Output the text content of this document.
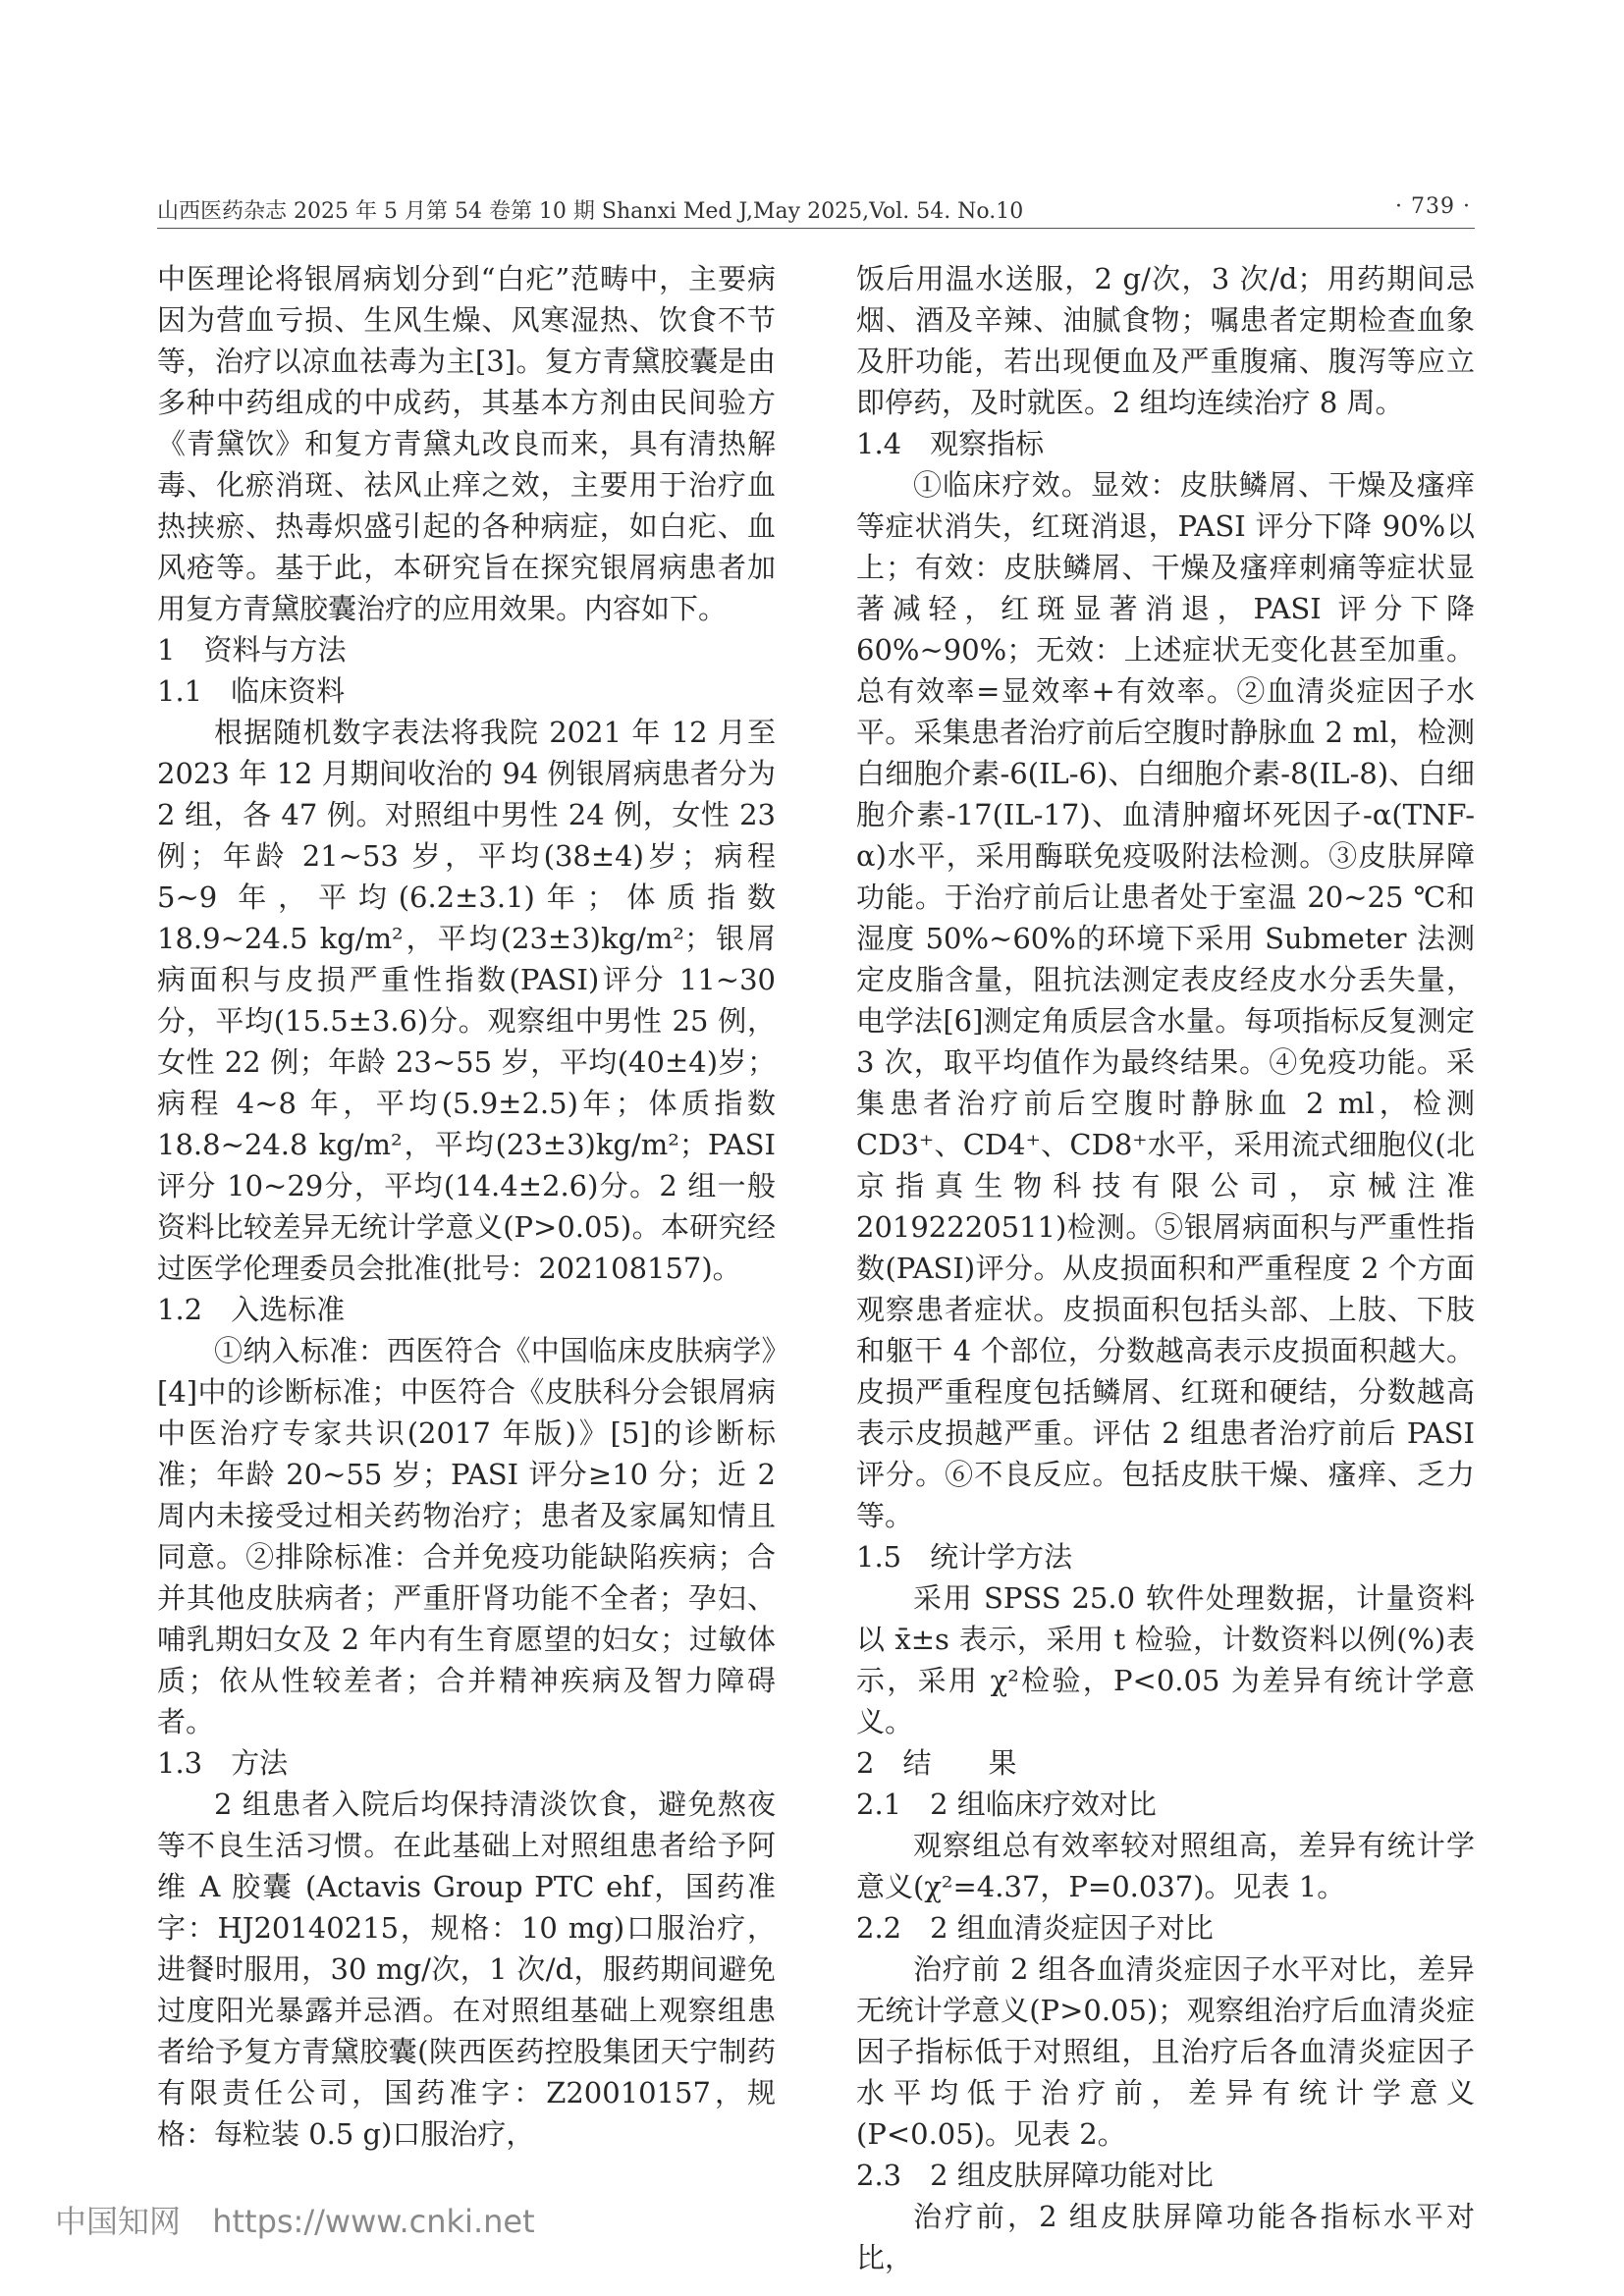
山西医药杂志 2025 年 5 月第 54 卷第 10 期 Shanxi Med J,May 2025,Vol. 54. No.10	· 739 ·

中医理论将银屑病划分到“白疕”范畴中，主要病因为营血亏损、生风生燥、风寒湿热、饮食不节等，治疗以凉血祛毒为主[3]。复方青黛胶囊是由多种中药组成的中成药，其基本方剂由民间验方《青黛饮》和复方青黛丸改良而来，具有清热解毒、化瘀消斑、祛风止痒之效，主要用于治疗血热挟瘀、热毒炽盛引起的各种病症，如白疕、血风疮等。基于此，本研究旨在探究银屑病患者加用复方青黛胶囊治疗的应用效果。内容如下。

1　资料与方法

1.1　临床资料

根据随机数字表法将我院 2021 年 12 月至 2023 年 12 月期间收治的 94 例银屑病患者分为 2 组，各 47 例。对照组中男性 24 例，女性 23 例；年龄 21~53 岁，平均(38±4)岁；病程 5~9 年，平均(6.2±3.1)年；体质指数 18.9~24.5 kg/m²，平均(23±3)kg/m²；银屑病面积与皮损严重性指数(PASI)评分 11~30 分，平均(15.5±3.6)分。观察组中男性 25 例，女性 22 例；年龄 23~55 岁，平均(40±4)岁；病程 4~8 年，平均(5.9±2.5)年；体质指数 18.8~24.8 kg/m²，平均(23±3)kg/m²；PASI 评分 10~29分，平均(14.4±2.6)分。2 组一般资料比较差异无统计学意义(P>0.05)。本研究经过医学伦理委员会批准(批号：202108157)。

1.2　入选标准

①纳入标准：西医符合《中国临床皮肤病学》[4]中的诊断标准；中医符合《皮肤科分会银屑病中医治疗专家共识(2017 年版)》[5]的诊断标准；年龄 20~55 岁；PASI 评分≥10 分；近 2 周内未接受过相关药物治疗；患者及家属知情且同意。②排除标准：合并免疫功能缺陷疾病；合并其他皮肤病者；严重肝肾功能不全者；孕妇、哺乳期妇女及 2 年内有生育愿望的妇女；过敏体质；依从性较差者；合并精神疾病及智力障碍者。

1.3　方法

2 组患者入院后均保持清淡饮食，避免熬夜等不良生活习惯。在此基础上对照组患者给予阿维 A 胶囊 (Actavis Group PTC ehf，国药准字：HJ20140215，规格：10 mg)口服治疗，进餐时服用，30 mg/次，1 次/d，服药期间避免过度阳光暴露并忌酒。在对照组基础上观察组患者给予复方青黛胶囊(陕西医药控股集团天宁制药有限责任公司，国药准字：Z20010157，规格：每粒装 0.5 g)口服治疗，

饭后用温水送服，2 g/次，3 次/d；用药期间忌烟、酒及辛辣、油腻食物；嘱患者定期检查血象及肝功能，若出现便血及严重腹痛、腹泻等应立即停药，及时就医。2 组均连续治疗 8 周。

1.4　观察指标

①临床疗效。显效：皮肤鳞屑、干燥及瘙痒等症状消失，红斑消退，PASI 评分下降 90%以上；有效：皮肤鳞屑、干燥及瘙痒刺痛等症状显著减轻，红斑显著消退，PASI 评分下降 60%~90%；无效：上述症状无变化甚至加重。总有效率=显效率+有效率。②血清炎症因子水平。采集患者治疗前后空腹时静脉血 2 ml，检测白细胞介素-6(IL-6)、白细胞介素-8(IL-8)、白细胞介素-17(IL-17)、血清肿瘤坏死因子-α(TNF-α)水平，采用酶联免疫吸附法检测。③皮肤屏障功能。于治疗前后让患者处于室温 20~25 ℃和湿度 50%~60%的环境下采用 Submeter 法测定皮脂含量，阻抗法测定表皮经皮水分丢失量，电学法[6]测定角质层含水量。每项指标反复测定 3 次，取平均值作为最终结果。④免疫功能。采集患者治疗前后空腹时静脉血 2 ml，检测 CD3⁺、CD4⁺、CD8⁺水平，采用流式细胞仪(北京指真生物科技有限公司，京械注准 20192220511)检测。⑤银屑病面积与严重性指数(PASI)评分。从皮损面积和严重程度 2 个方面观察患者症状。皮损面积包括头部、上肢、下肢和躯干 4 个部位，分数越高表示皮损面积越大。皮损严重程度包括鳞屑、红斑和硬结，分数越高表示皮损越严重。评估 2 组患者治疗前后 PASI 评分。⑥不良反应。包括皮肤干燥、瘙痒、乏力等。

1.5　统计学方法

采用 SPSS 25.0 软件处理数据，计量资料以 x̄±s 表示，采用 t 检验，计数资料以例(%)表示，采用 χ²检验，P<0.05 为差异有统计学意义。

2　结　　果

2.1　2 组临床疗效对比

观察组总有效率较对照组高，差异有统计学意义(χ²=4.37，P=0.037)。见表 1。

2.2　2 组血清炎症因子对比

治疗前 2 组各血清炎症因子水平对比，差异无统计学意义(P>0.05)；观察组治疗后血清炎症因子指标低于对照组，且治疗后各血清炎症因子水平均低于治疗前，差异有统计学意义(P<0.05)。见表 2。

2.3　2 组皮肤屏障功能对比

治疗前，2 组皮肤屏障功能各指标水平对比，

中国知网 https://www.cnki.net
